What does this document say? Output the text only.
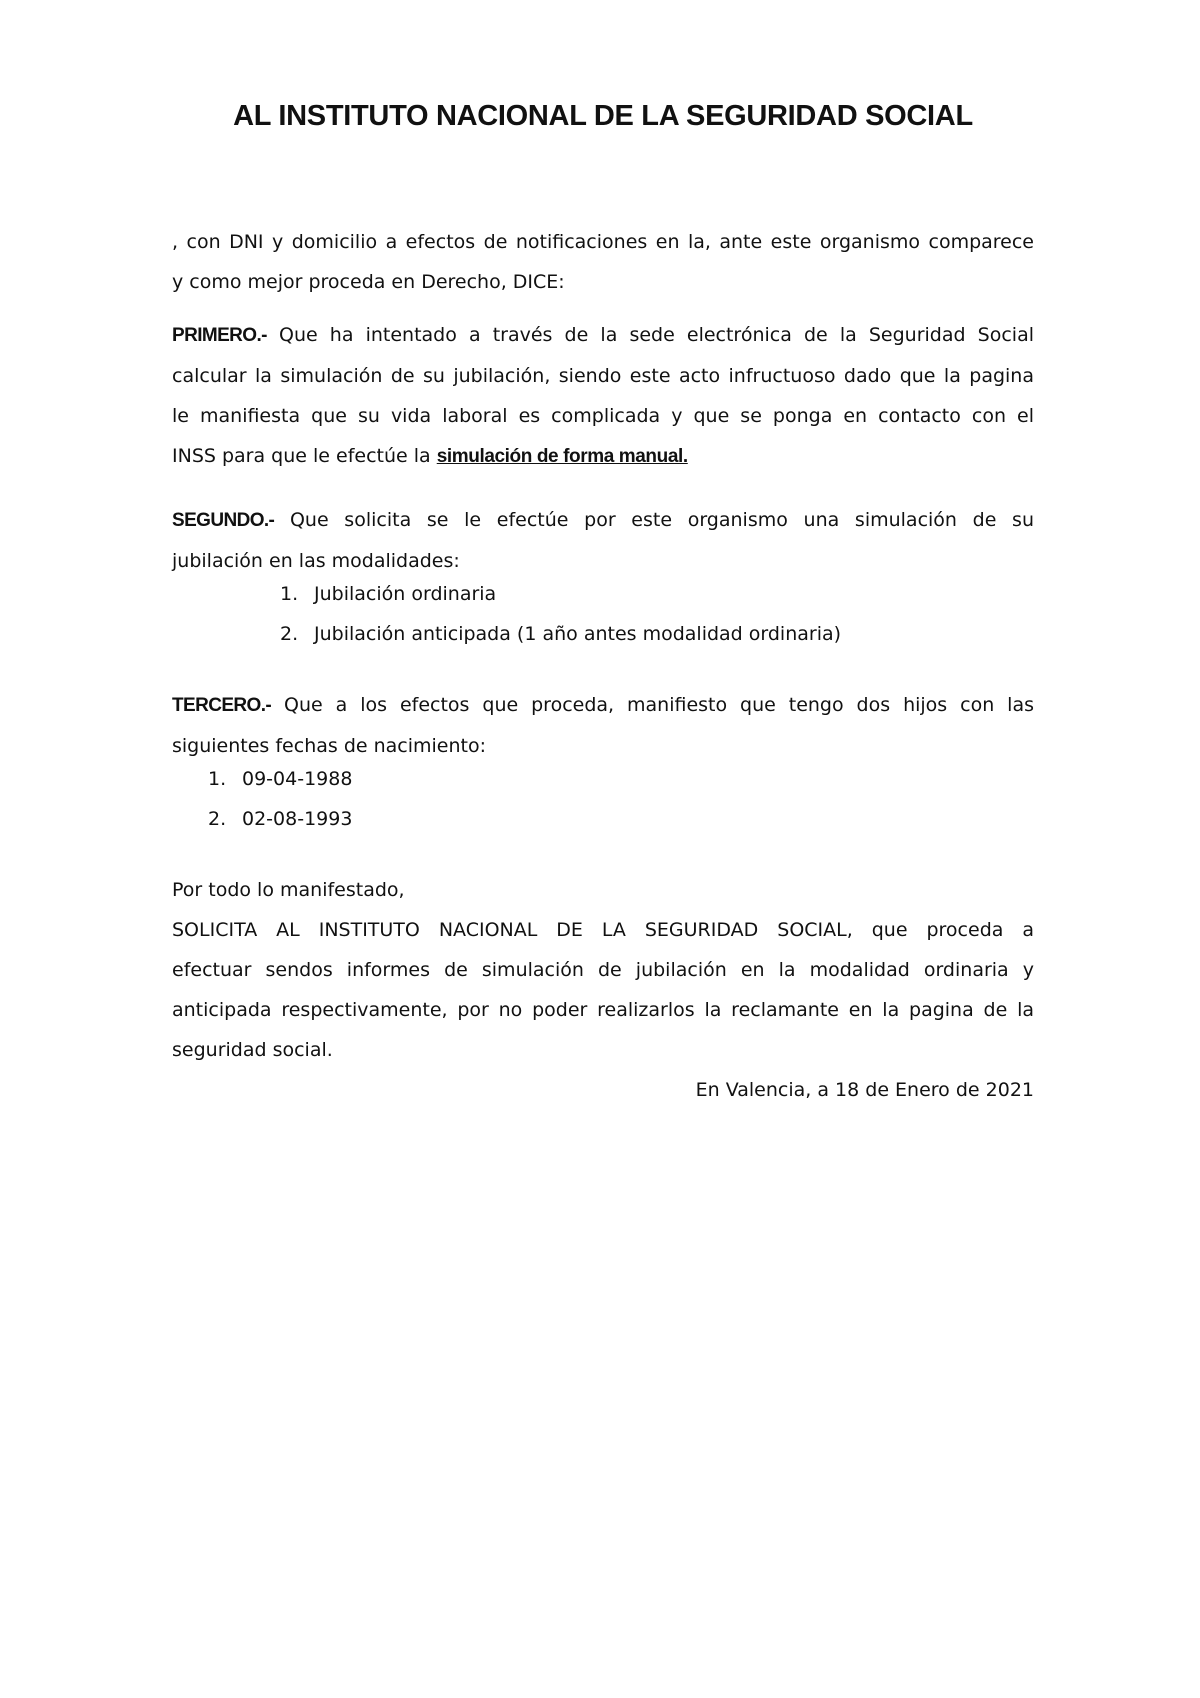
AL INSTITUTO NACIONAL DE LA SEGURIDAD SOCIAL
, con DNI y domicilio a efectos de notificaciones en la, ante este organismo comparece
y como mejor proceda en Derecho, DICE:
PRIMERO.- Que ha intentado a través de la sede electrónica de la Seguridad Social
calcular la simulación de su jubilación, siendo este acto infructuoso dado que la pagina
le manifiesta que su vida laboral es complicada y que se ponga en contacto con el
INSS para que le efectúe la simulación de forma manual.
SEGUNDO.- Que solicita se le efectúe por este organismo una simulación de su
jubilación en las modalidades:
1. Jubilación ordinaria
2. Jubilación anticipada (1 año antes modalidad ordinaria)
TERCERO.- Que a los efectos que proceda, manifiesto que tengo dos hijos con las
siguientes fechas de nacimiento:
1. 09-04-1988
2. 02-08-1993
Por todo lo manifestado,
SOLICITA AL INSTITUTO NACIONAL DE LA SEGURIDAD SOCIAL, que proceda a
efectuar sendos informes de simulación de jubilación en la modalidad ordinaria y
anticipada respectivamente, por no poder realizarlos la reclamante en la pagina de la
seguridad social.
En Valencia, a 18 de Enero de 2021
